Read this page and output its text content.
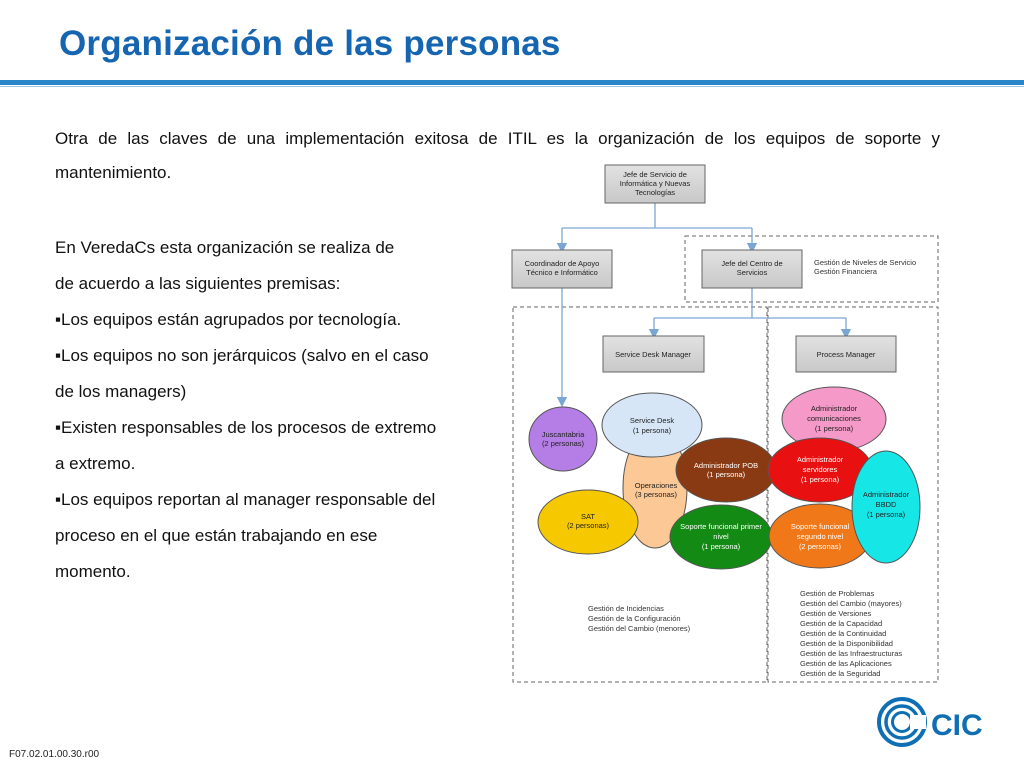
Organización de las personas
Otra de las claves de una implementación exitosa de ITIL es la organización de los equipos de soporte y mantenimiento.
En VeredaCs esta organización se realiza de
de acuerdo a las siguientes premisas:
▪Los equipos están agrupados por tecnología.
▪Los equipos no son jerárquicos (salvo en el caso
de los managers)
▪Existen responsables de los procesos de extremo
a extremo.
▪Los equipos reportan al manager responsable del
proceso en el que están trabajando en ese
momento.
Jefe de Servicio de
Informática y Nuevas
Tecnologías
Coordinador de Apoyo
Técnico e Informático
Jefe del Centro de
Servicios
Service Desk Manager	Process Manager
Gestión de Niveles de Servicio
Gestión Financiera
Gestión de Incidencias
Gestión de la Configuración
Gestión del Cambio (menores)
Gestión de Problemas
Gestión del Cambio (mayores)
Gestión de Versiones
Gestión de la Capacidad
Gestión de la Continuidad
Gestión de la Disponibilidad
Gestión de las Infraestructuras
Gestión de las Aplicaciones
Gestión de la Seguridad
Operaciones
(3 personas)
Juscantabria
(2 personas)
Service Desk
(1 persona)
Administrador POB
(1 persona)
SAT
(2 personas)	Soporte funcional primer
nivel
(1 persona)
Administrador
comunicaciones
(1 persona)
Administrador
servidores
(1 persona)
Soporte funcional
segundo nivel
(2 personas)
Administrador
BBDD
(1 persona)
F07.02.01.00.30.r00
CIC
